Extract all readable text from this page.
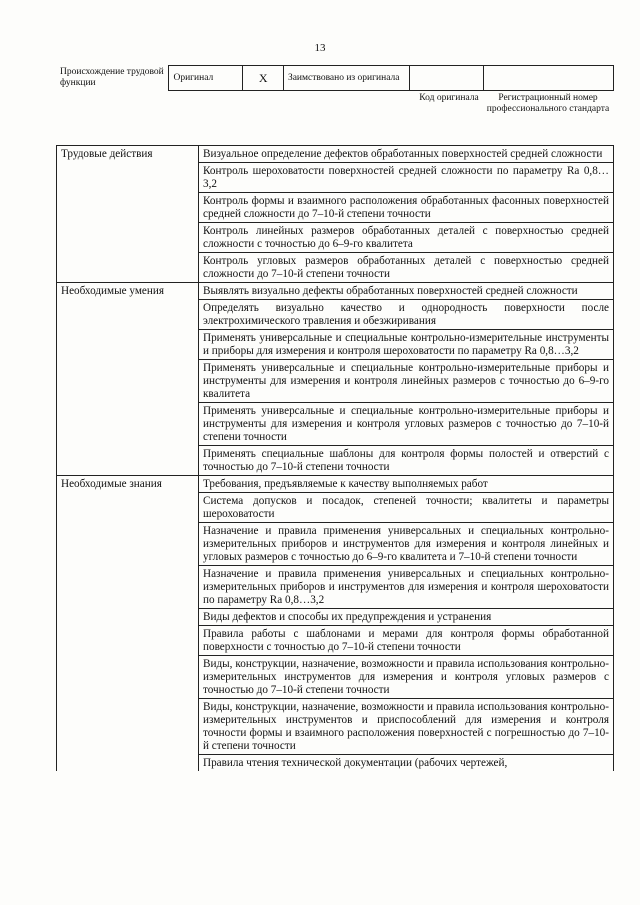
13
Происхождение трудовой функции	Оригинал	X	Заимствовано из оригинала		
Код оригинала	Регистрационный номер профессионального стандарта
Трудовые действия	Визуальное определение дефектов обработанных поверхностей средней сложности
	Контроль шероховатости поверхностей средней сложности по параметру Ra 0,8…3,2
	Контроль формы и взаимного расположения обработанных фасонных поверхностей средней сложности до 7–10-й степени точности
	Контроль линейных размеров обработанных деталей с поверхностью средней сложности с точностью до 6–9-го квалитета
	Контроль угловых размеров обработанных деталей с поверхностью средней сложности до 7–10-й степени точности
Необходимые умения	Выявлять визуально дефекты обработанных поверхностей средней сложности
	Определять визуально качество и однородность поверхности после электрохимического травления и обезжиривания
	Применять универсальные и специальные контрольно-измерительные инструменты и приборы для измерения и контроля шероховатости по параметру Ra 0,8…3,2
	Применять универсальные и специальные контрольно-измерительные приборы и инструменты для измерения и контроля линейных размеров с точностью до 6–9-го квалитета
	Применять универсальные и специальные контрольно-измерительные приборы и инструменты для измерения и контроля угловых размеров с точностью до 7–10-й степени точности
	Применять специальные шаблоны для контроля формы полостей и отверстий с точностью до 7–10-й степени точности
Необходимые знания	Требования, предъявляемые к качеству выполняемых работ
	Система допусков и посадок, степеней точности; квалитеты и параметры шероховатости
	Назначение и правила применения универсальных и специальных контрольно-измерительных приборов и инструментов для измерения и контроля линейных и угловых размеров с точностью до 6–9-го квалитета и 7–10-й степени точности
	Назначение и правила применения универсальных и специальных контрольно-измерительных приборов и инструментов для измерения и контроля шероховатости по параметру Ra 0,8…3,2
	Виды дефектов и способы их предупреждения и устранения
	Правила работы с шаблонами и мерами для контроля формы обработанной поверхности с точностью до 7–10-й степени точности
	Виды, конструкции, назначение, возможности и правила использования контрольно-измерительных инструментов для измерения и контроля угловых размеров с точностью до 7–10-й степени точности
	Виды, конструкции, назначение, возможности и правила использования контрольно-измерительных инструментов и приспособлений для измерения и контроля точности формы и взаимного расположения поверхностей с погрешностью до 7–10-й степени точности
	Правила чтения технической документации (рабочих чертежей,
